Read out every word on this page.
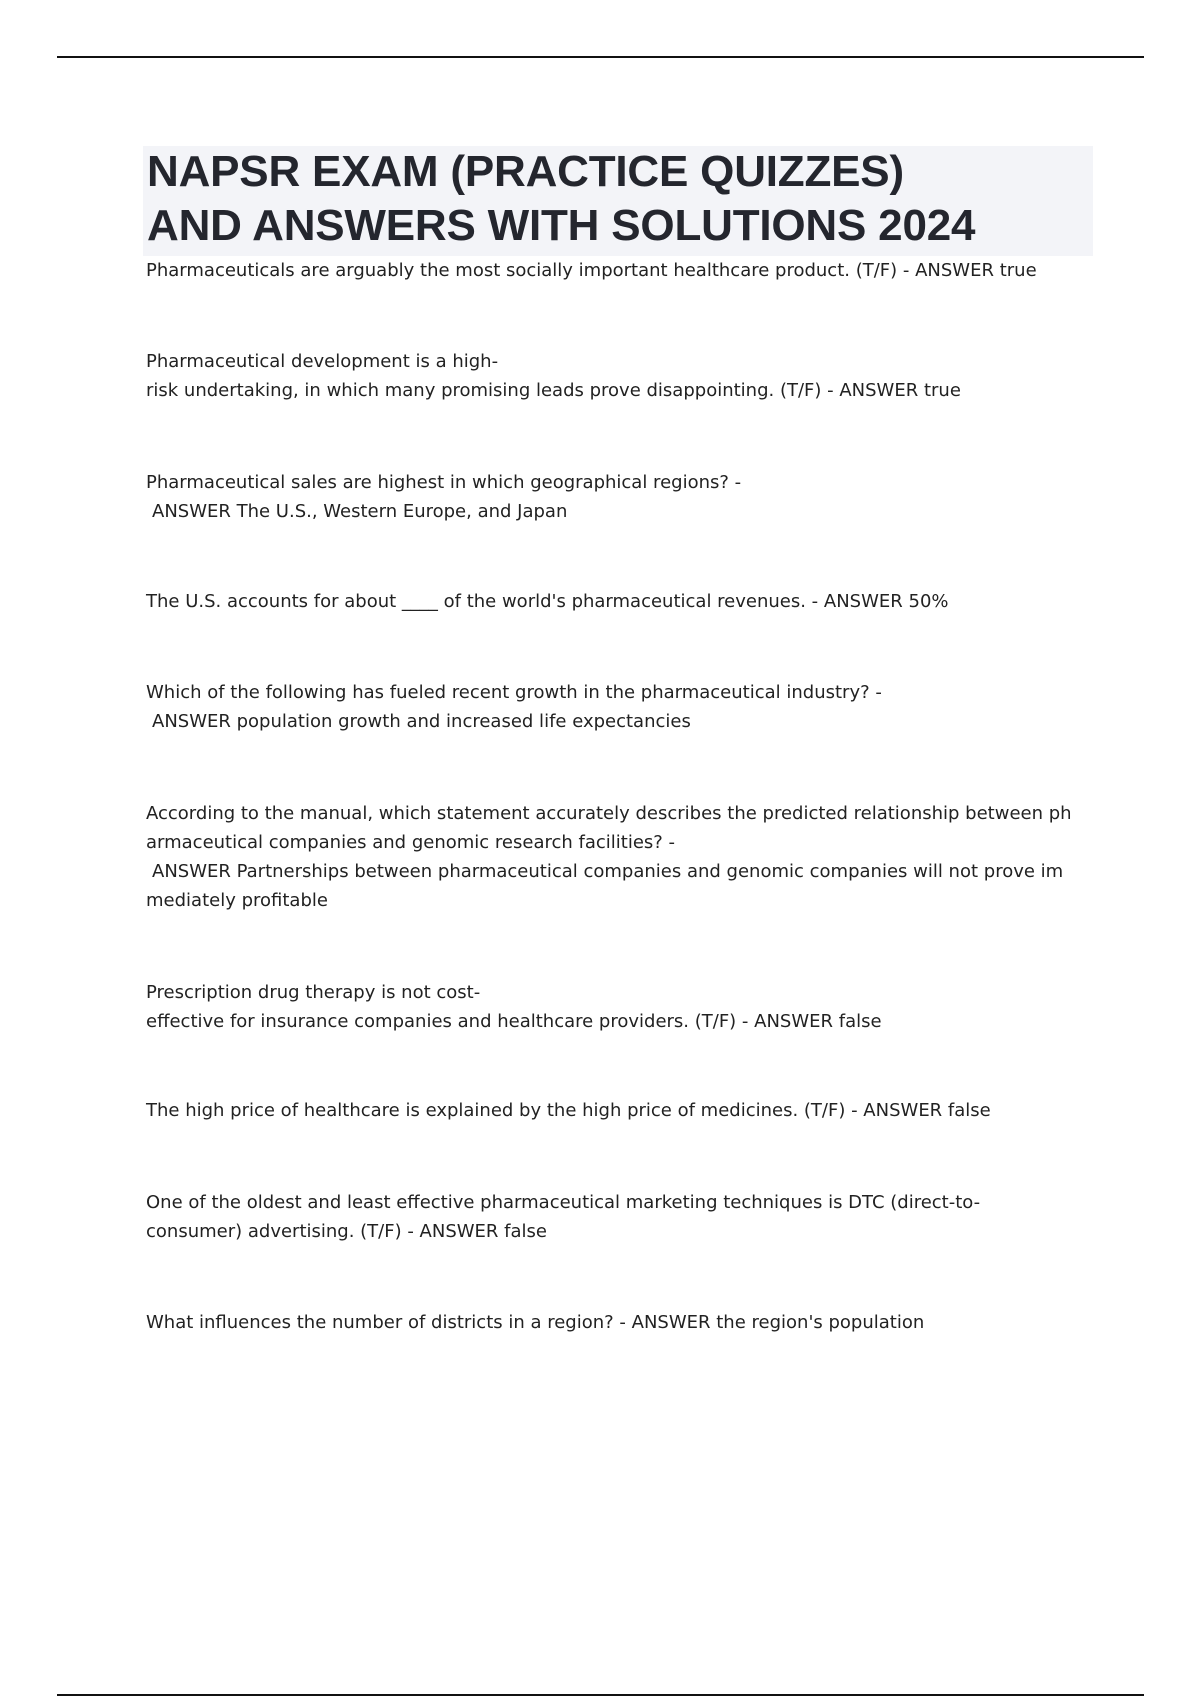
NAPSR EXAM (PRACTICE QUIZZES)
AND ANSWERS WITH SOLUTIONS 2024
Pharmaceuticals are arguably the most socially important healthcare product. (T/F) - ANSWER true
Pharmaceutical development is a high-
risk undertaking, in which many promising leads prove disappointing. (T/F) - ANSWER true
Pharmaceutical sales are highest in which geographical regions? -
ANSWER The U.S., Western Europe, and Japan
The U.S. accounts for about ____ of the world's pharmaceutical revenues. - ANSWER 50%
Which of the following has fueled recent growth in the pharmaceutical industry? -
ANSWER population growth and increased life expectancies
According to the manual, which statement accurately describes the predicted relationship between ph
armaceutical companies and genomic research facilities? -
ANSWER Partnerships between pharmaceutical companies and genomic companies will not prove im
mediately profitable
Prescription drug therapy is not cost-
effective for insurance companies and healthcare providers. (T/F) - ANSWER false
The high price of healthcare is explained by the high price of medicines. (T/F) - ANSWER false
One of the oldest and least effective pharmaceutical marketing techniques is DTC (direct-to-
consumer) advertising. (T/F) - ANSWER false
What influences the number of districts in a region? - ANSWER the region's population
